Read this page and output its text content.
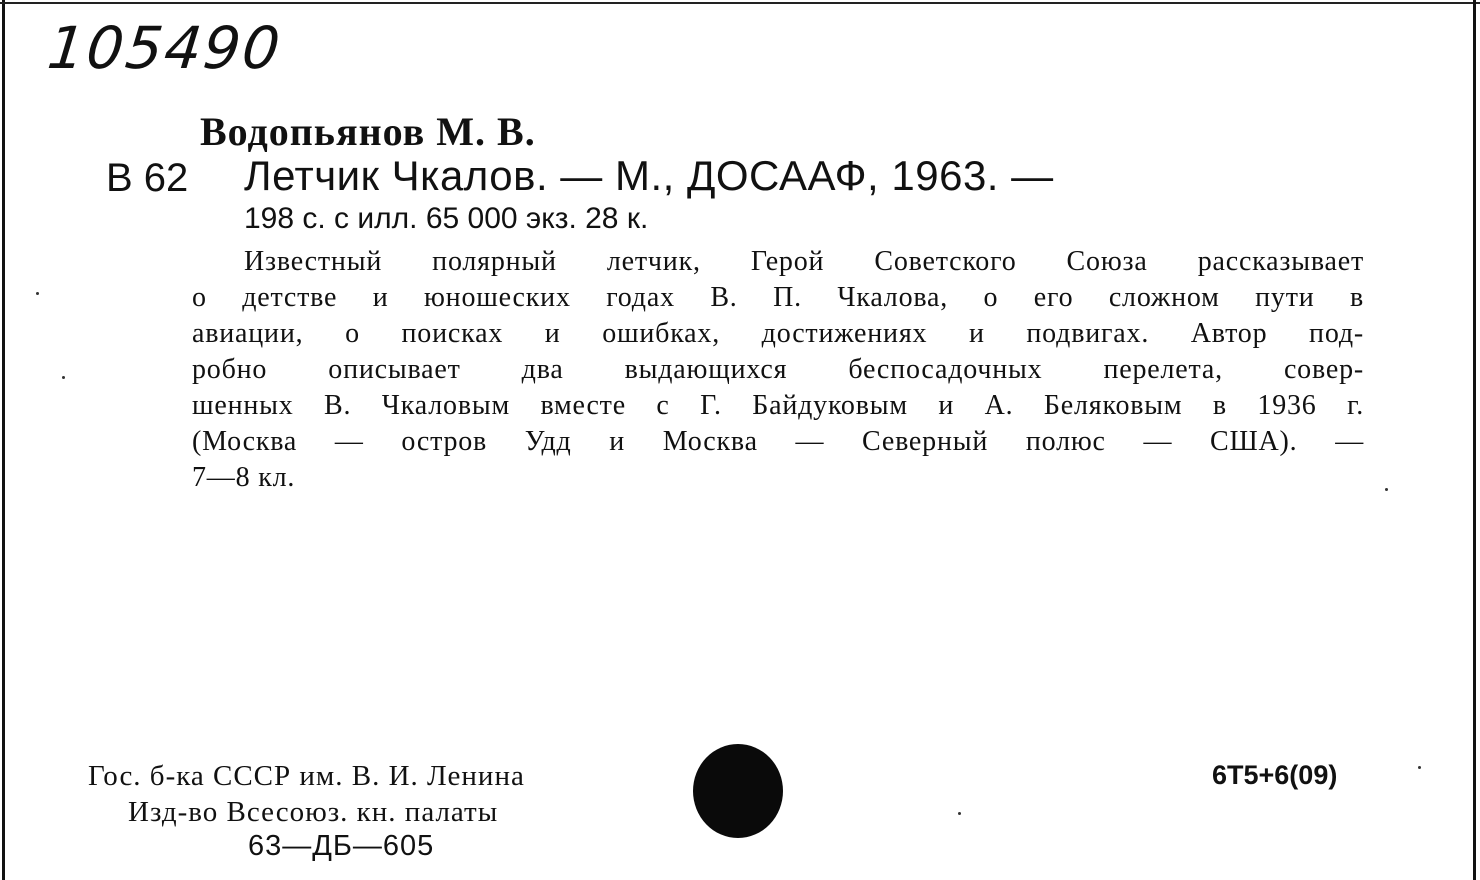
105490
Водопьянов М. В.
В 62 Летчик Чкалов. — М., ДОСААФ, 1963. —
198 с. с илл. 65 000 экз. 28 к.
Известный полярный летчик, Герой Советского Союза рассказывает
о детстве и юношеских годах В. П. Чкалова, о его сложном пути в
авиации, о поисках и ошибках, достижениях и подвигах. Автор под-
робно описывает два выдающихся беспосадочных перелета, совер-
шенных В. Чкаловым вместе с Г. Байдуковым и А. Беляковым в 1936 г.
(Москва — остров Удд и Москва — Северный полюс — США). —
7—8 кл.
Гос. б-ка СССР им. В. И. Ленина
Изд-во Всесоюз. кн. палаты
63—ДБ—605
6Т5+6(09)
